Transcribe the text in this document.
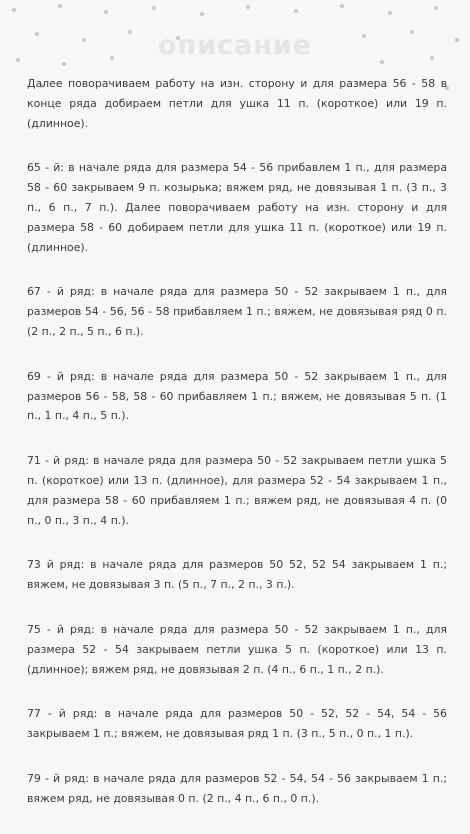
описание

Далее поворачиваем работу на изн. сторону и для размера 56 - 58 в конце ряда добираем петли для ушка 11 п. (короткое) или 19 п. (длинное).

65 - й: в начале ряда для размера 54 - 56 прибавлем 1 п., для размера 58 - 60 закрываем 9 п. козырька; вяжем ряд, не довязывая 1 п. (3 п., 3 п., 6 п., 7 п.). Далее поворачиваем работу на изн. сторону и для размера 58 - 60 добираем петли для ушка 11 п. (короткое) или 19 п. (длинное).

67 - й ряд: в начале ряда для размера 50 - 52 закрываем 1 п., для размеров 54 - 56, 56 - 58 прибавляем 1 п.; вяжем, не довязывая ряд 0 п. (2 п., 2 п., 5 п., 6 п.).

69 - й ряд: в начале ряда для размера 50 - 52 закрываем 1 п., для размеров 56 - 58, 58 - 60 прибавляем 1 п.; вяжем, не довязывая 5 п. (1 п., 1 п., 4 п., 5 п.).

71 - й ряд: в начале ряда для размера 50 - 52 закрываем петли ушка 5 п. (короткое) или 13 п. (длинное), для размера 52 - 54 закрываем 1 п., для размера 58 - 60 прибавляем 1 п.; вяжем ряд, не довязывая 4 п. (0 п., 0 п., 3 п., 4 п.).

73 й ряд: в начале ряда для размеров 50 52, 52 54 закрываем 1 п.; вяжем, не довязывая 3 п. (5 п., 7 п., 2 п., 3 п.).

75 - й ряд: в начале ряда для размера 50 - 52 закрываем 1 п., для размера 52 - 54 закрываем петли ушка 5 п. (короткое) или 13 п. (длинное); вяжем ряд, не довязывая 2 п. (4 п., 6 п., 1 п., 2 п.).

77 - й ряд: в начале ряда для размеров 50 - 52, 52 - 54, 54 - 56 закрываем 1 п.; вяжем, не довязывая ряд 1 п. (3 п., 5 п., 0 п., 1 п.).

79 - й ряд: в начале ряда для размеров 52 - 54, 54 - 56 закрываем 1 п.; вяжем ряд, не довязывая 0 п. (2 п., 4 п., 6 п., 0 п.).
